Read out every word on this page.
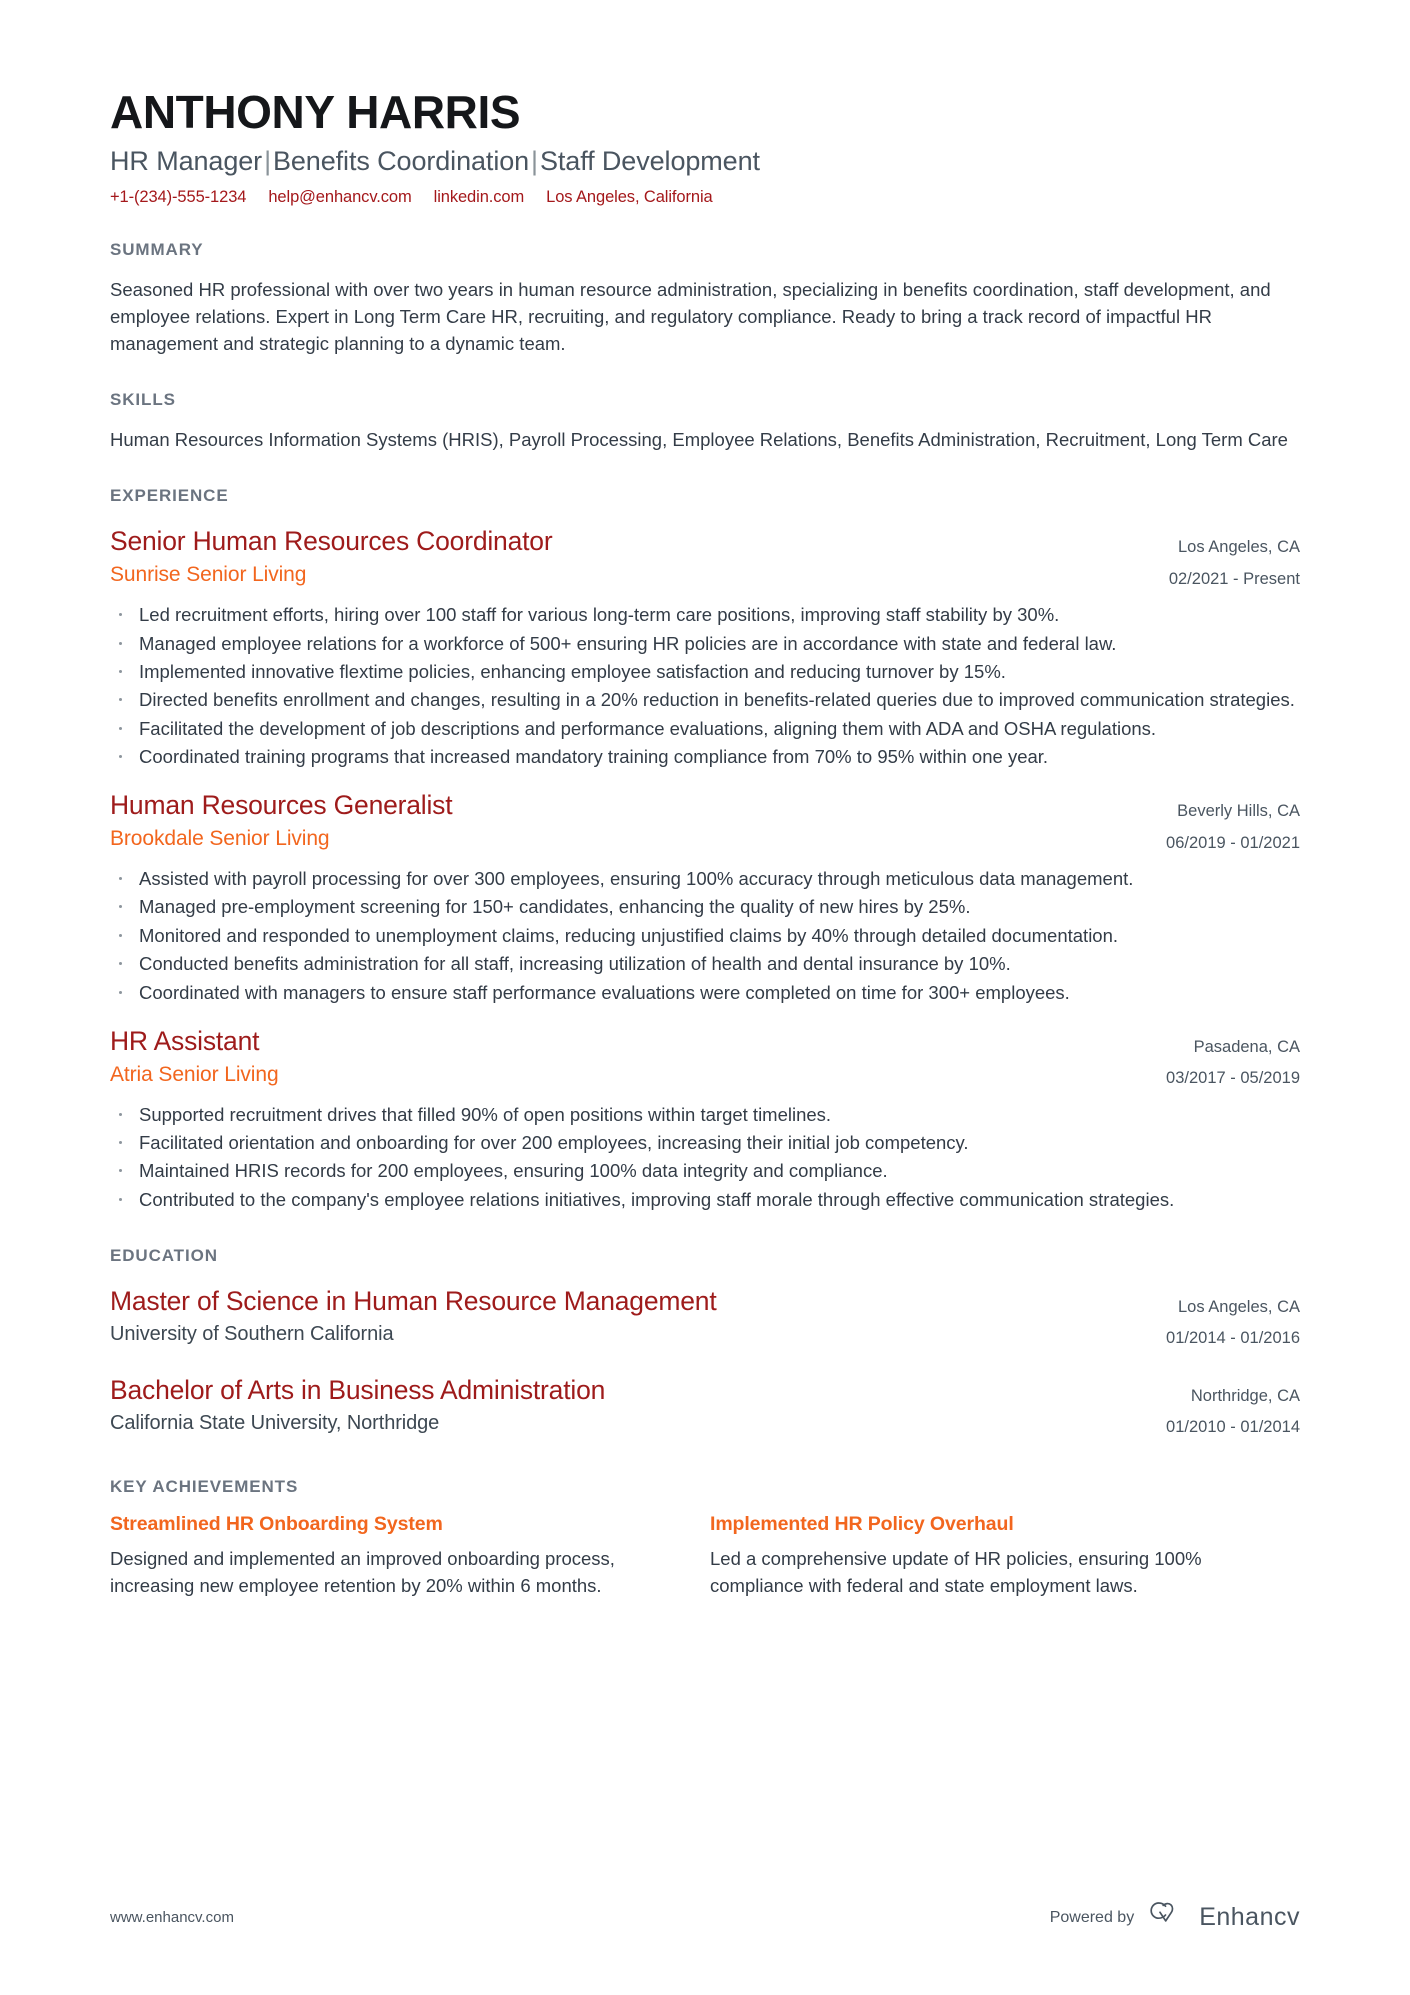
ANTHONY HARRIS
HR Manager|Benefits Coordination|Staff Development
+1-(234)-555-1234 help@enhancv.com linkedin.com Los Angeles, California
SUMMARY
Seasoned HR professional with over two years in human resource administration, specializing in benefits coordination, staff development, and employee relations. Expert in Long Term Care HR, recruiting, and regulatory compliance. Ready to bring a track record of impactful HR management and strategic planning to a dynamic team.
SKILLS
Human Resources Information Systems (HRIS), Payroll Processing, Employee Relations, Benefits Administration, Recruitment, Long Term Care
EXPERIENCE
Senior Human Resources Coordinator
Sunrise Senior Living
Los Angeles, CA
02/2021 - Present
Led recruitment efforts, hiring over 100 staff for various long-term care positions, improving staff stability by 30%.
Managed employee relations for a workforce of 500+ ensuring HR policies are in accordance with state and federal law.
Implemented innovative flextime policies, enhancing employee satisfaction and reducing turnover by 15%.
Directed benefits enrollment and changes, resulting in a 20% reduction in benefits-related queries due to improved communication strategies.
Facilitated the development of job descriptions and performance evaluations, aligning them with ADA and OSHA regulations.
Coordinated training programs that increased mandatory training compliance from 70% to 95% within one year.
Human Resources Generalist
Brookdale Senior Living
Beverly Hills, CA
06/2019 - 01/2021
Assisted with payroll processing for over 300 employees, ensuring 100% accuracy through meticulous data management.
Managed pre-employment screening for 150+ candidates, enhancing the quality of new hires by 25%.
Monitored and responded to unemployment claims, reducing unjustified claims by 40% through detailed documentation.
Conducted benefits administration for all staff, increasing utilization of health and dental insurance by 10%.
Coordinated with managers to ensure staff performance evaluations were completed on time for 300+ employees.
HR Assistant
Atria Senior Living
Pasadena, CA
03/2017 - 05/2019
Supported recruitment drives that filled 90% of open positions within target timelines.
Facilitated orientation and onboarding for over 200 employees, increasing their initial job competency.
Maintained HRIS records for 200 employees, ensuring 100% data integrity and compliance.
Contributed to the company's employee relations initiatives, improving staff morale through effective communication strategies.
EDUCATION
Master of Science in Human Resource Management
University of Southern California
Los Angeles, CA
01/2014 - 01/2016
Bachelor of Arts in Business Administration
California State University, Northridge
Northridge, CA
01/2010 - 01/2014
KEY ACHIEVEMENTS
Streamlined HR Onboarding System
Designed and implemented an improved onboarding process, increasing new employee retention by 20% within 6 months.
Implemented HR Policy Overhaul
Led a comprehensive update of HR policies, ensuring 100% compliance with federal and state employment laws.
www.enhancv.com	Powered by	Enhancv
